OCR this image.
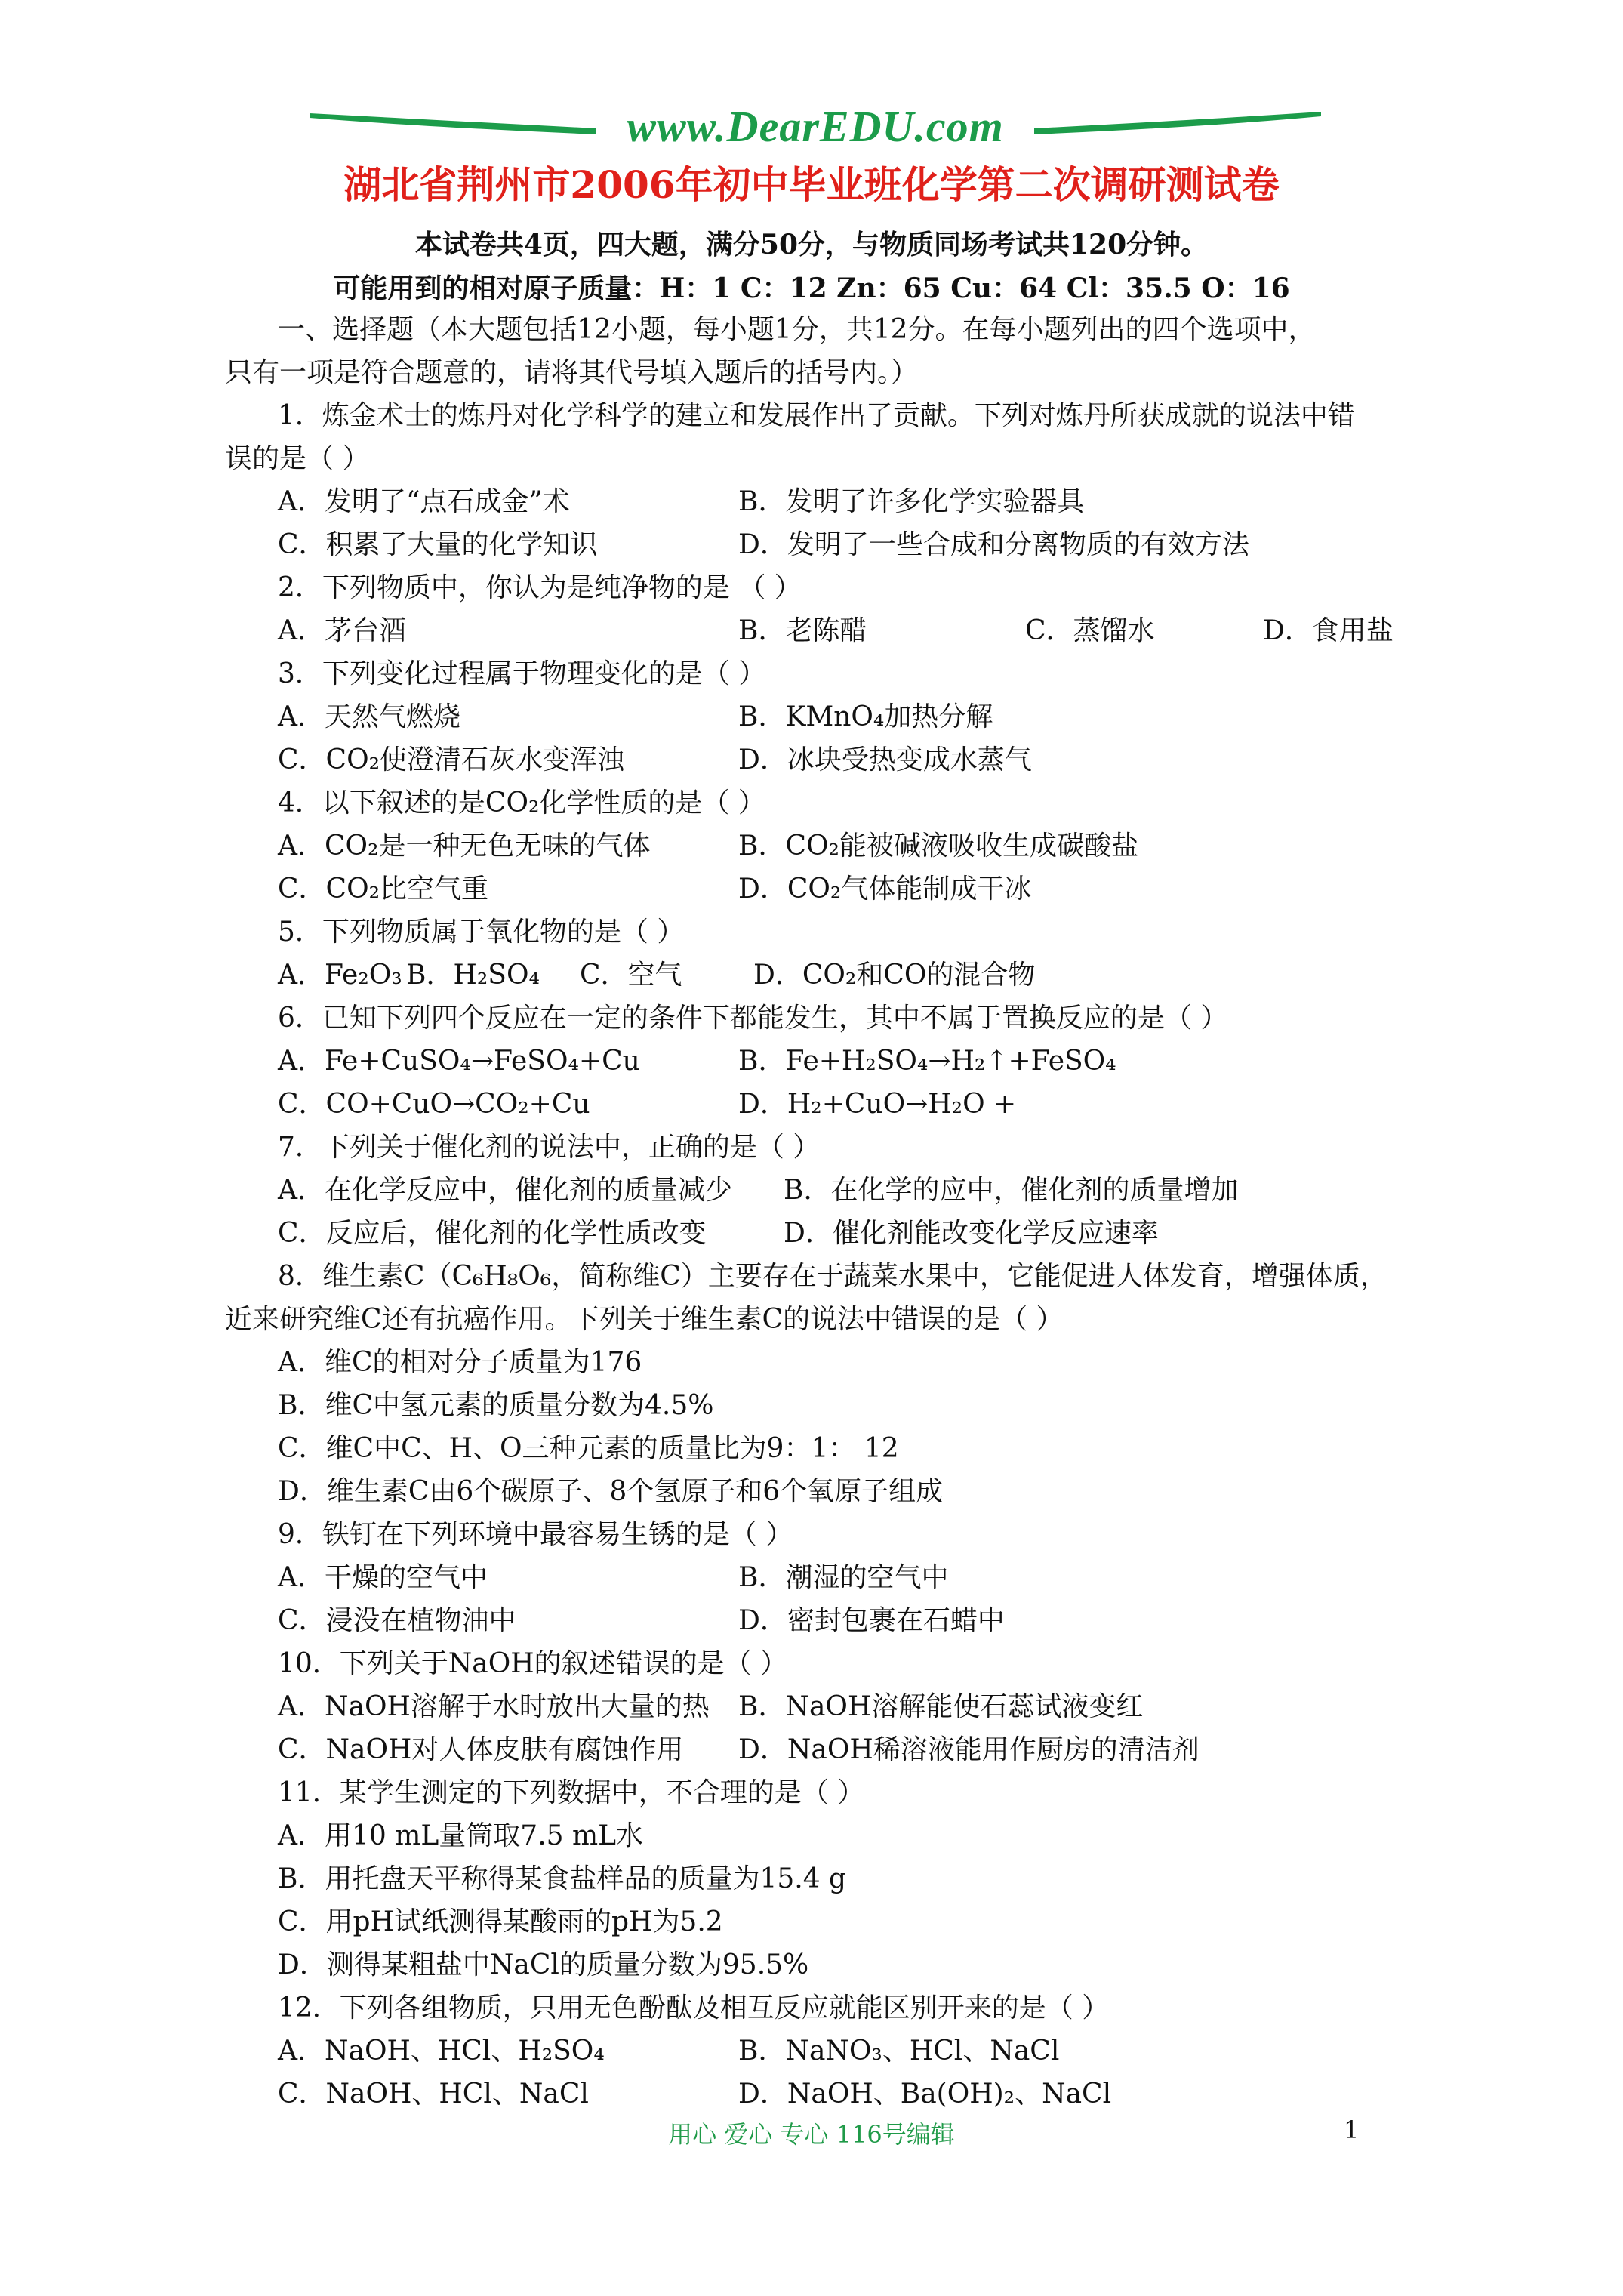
www.DearEDU.com
湖北省荆州市2006年初中毕业班化学第二次调研测试卷
本试卷共4页，四大题，满分50分，与物质同场考试共120分钟。
可能用到的相对原子质量：H：1 C：12 Zn：65 Cu：64 Cl：35.5 O：16
一、选择题（本大题包括12小题，每小题1分，共12分。在每小题列出的四个选项中，
只有一项是符合题意的，请将其代号填入题后的括号内。）
1．炼金术士的炼丹对化学科学的建立和发展作出了贡献。下列对炼丹所获成就的说法中错
误的是（ ）
A．发明了“点石成金”术	B．发明了许多化学实验器具
C．积累了大量的化学知识	D．发明了一些合成和分离物质的有效方法
2．下列物质中，你认为是纯净物的是 （ ）
A．茅台酒	B．老陈醋	C．蒸馏水	D．食用盐
3．下列变化过程属于物理变化的是（ ）
A．天然气燃烧	B．KMnO₄加热分解
C．CO₂使澄清石灰水变浑浊	D．冰块受热变成水蒸气
4．以下叙述的是CO₂化学性质的是（ ）
A．CO₂是一种无色无味的气体	B．CO₂能被碱液吸收生成碳酸盐
C．CO₂比空气重	D．CO₂气体能制成干冰
5．下列物质属于氧化物的是（ ）
A．Fe₂O₃ B．H₂SO₄ C．空气	D．CO₂和CO的混合物
6．已知下列四个反应在一定的条件下都能发生，其中不属于置换反应的是（ ）
A．Fe+CuSO₄→FeSO₄+Cu	B．Fe+H₂SO₄→H₂↑+FeSO₄
C．CO+CuO→CO₂+Cu	D．H₂+CuO→H₂O +
7．下列关于催化剂的说法中，正确的是（ ）
A．在化学反应中，催化剂的质量减少 B．在化学的应中，催化剂的质量增加
C．反应后，催化剂的化学性质改变	D．催化剂能改变化学反应速率
8．维生素C（C₆H₈O₆，简称维C）主要存在于蔬菜水果中，它能促进人体发育，增强体质，
近来研究维C还有抗癌作用。下列关于维生素C的说法中错误的是（ ）
A．维C的相对分子质量为176
B．维C中氢元素的质量分数为4.5%
C．维C中C、H、O三种元素的质量比为9：1： 12
D．维生素C由6个碳原子、8个氢原子和6个氧原子组成
9．铁钉在下列环境中最容易生锈的是（ ）
A．干燥的空气中	B．潮湿的空气中
C．浸没在植物油中	D．密封包裹在石蜡中
10．下列关于NaOH的叙述错误的是（ ）
A．NaOH溶解于水时放出大量的热 B．NaOH溶解能使石蕊试液变红
C．NaOH对人体皮肤有腐蚀作用 D．NaOH稀溶液能用作厨房的清洁剂
11．某学生测定的下列数据中，不合理的是（ ）
A．用10 mL量筒取7.5 mL水
B．用托盘天平称得某食盐样品的质量为15.4 g
C．用pH试纸测得某酸雨的pH为5.2
D．测得某粗盐中NaCl的质量分数为95.5%
12．下列各组物质，只用无色酚酞及相互反应就能区别开来的是（ ）
A．NaOH、HCl、H₂SO₄	B．NaNO₃、HCl、NaCl
C．NaOH、HCl、NaCl	D．NaOH、Ba(OH)₂、NaCl
用心 爱心 专心 116号编辑	1
